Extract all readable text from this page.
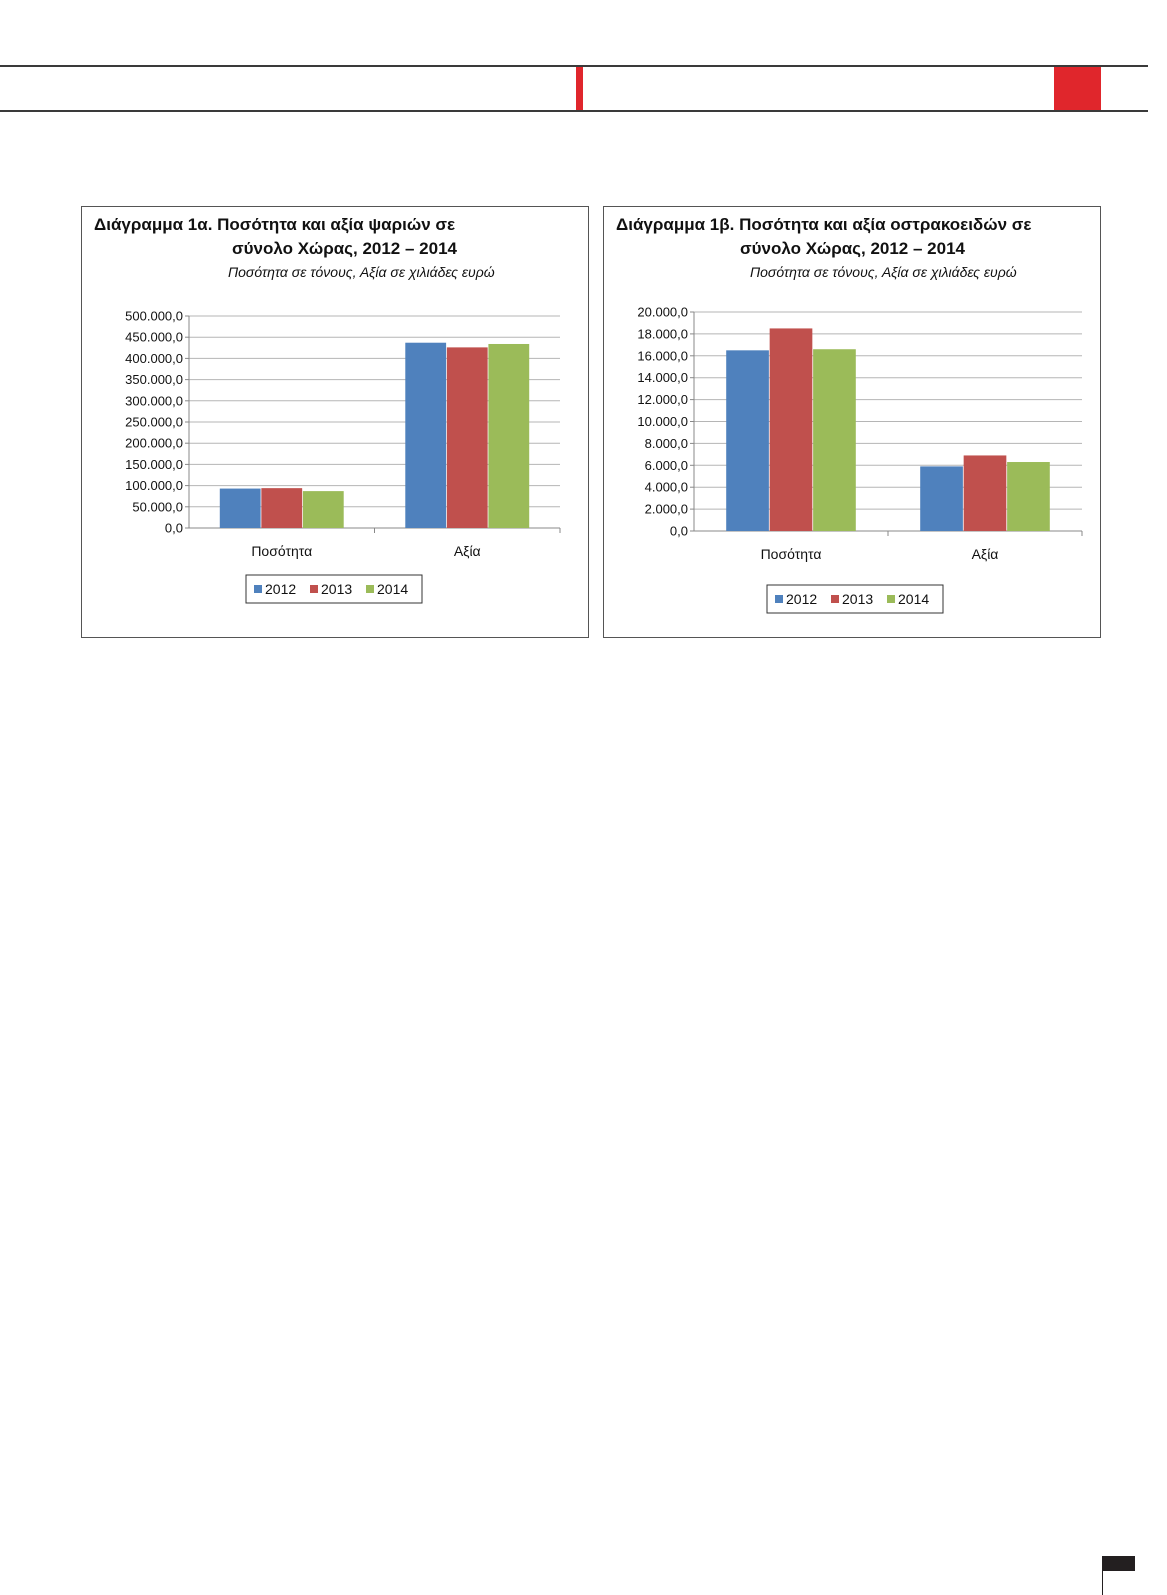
Διάγραμμα 1α. Ποσότητα και αξία ψαριών σε
σύνολο Χώρας, 2012 – 2014
Ποσότητα σε τόνους, Αξία σε χιλιάδες ευρώ
0,0
50.000,0
100.000,0
150.000,0
200.000,0
250.000,0
300.000,0
350.000,0
400.000,0
450.000,0
500.000,0
Ποσότητα	Αξία
2012 2013 2014
Διάγραμμα 1β. Ποσότητα και αξία οστρακοειδών σε
σύνολο Χώρας, 2012 – 2014
Ποσότητα σε τόνους, Αξία σε χιλιάδες ευρώ
0,0
2.000,0
4.000,0
6.000,0
8.000,0
10.000,0
12.000,0
14.000,0
16.000,0
18.000,0
20.000,0
Ποσότητα	Αξία
2012 2013 2014
